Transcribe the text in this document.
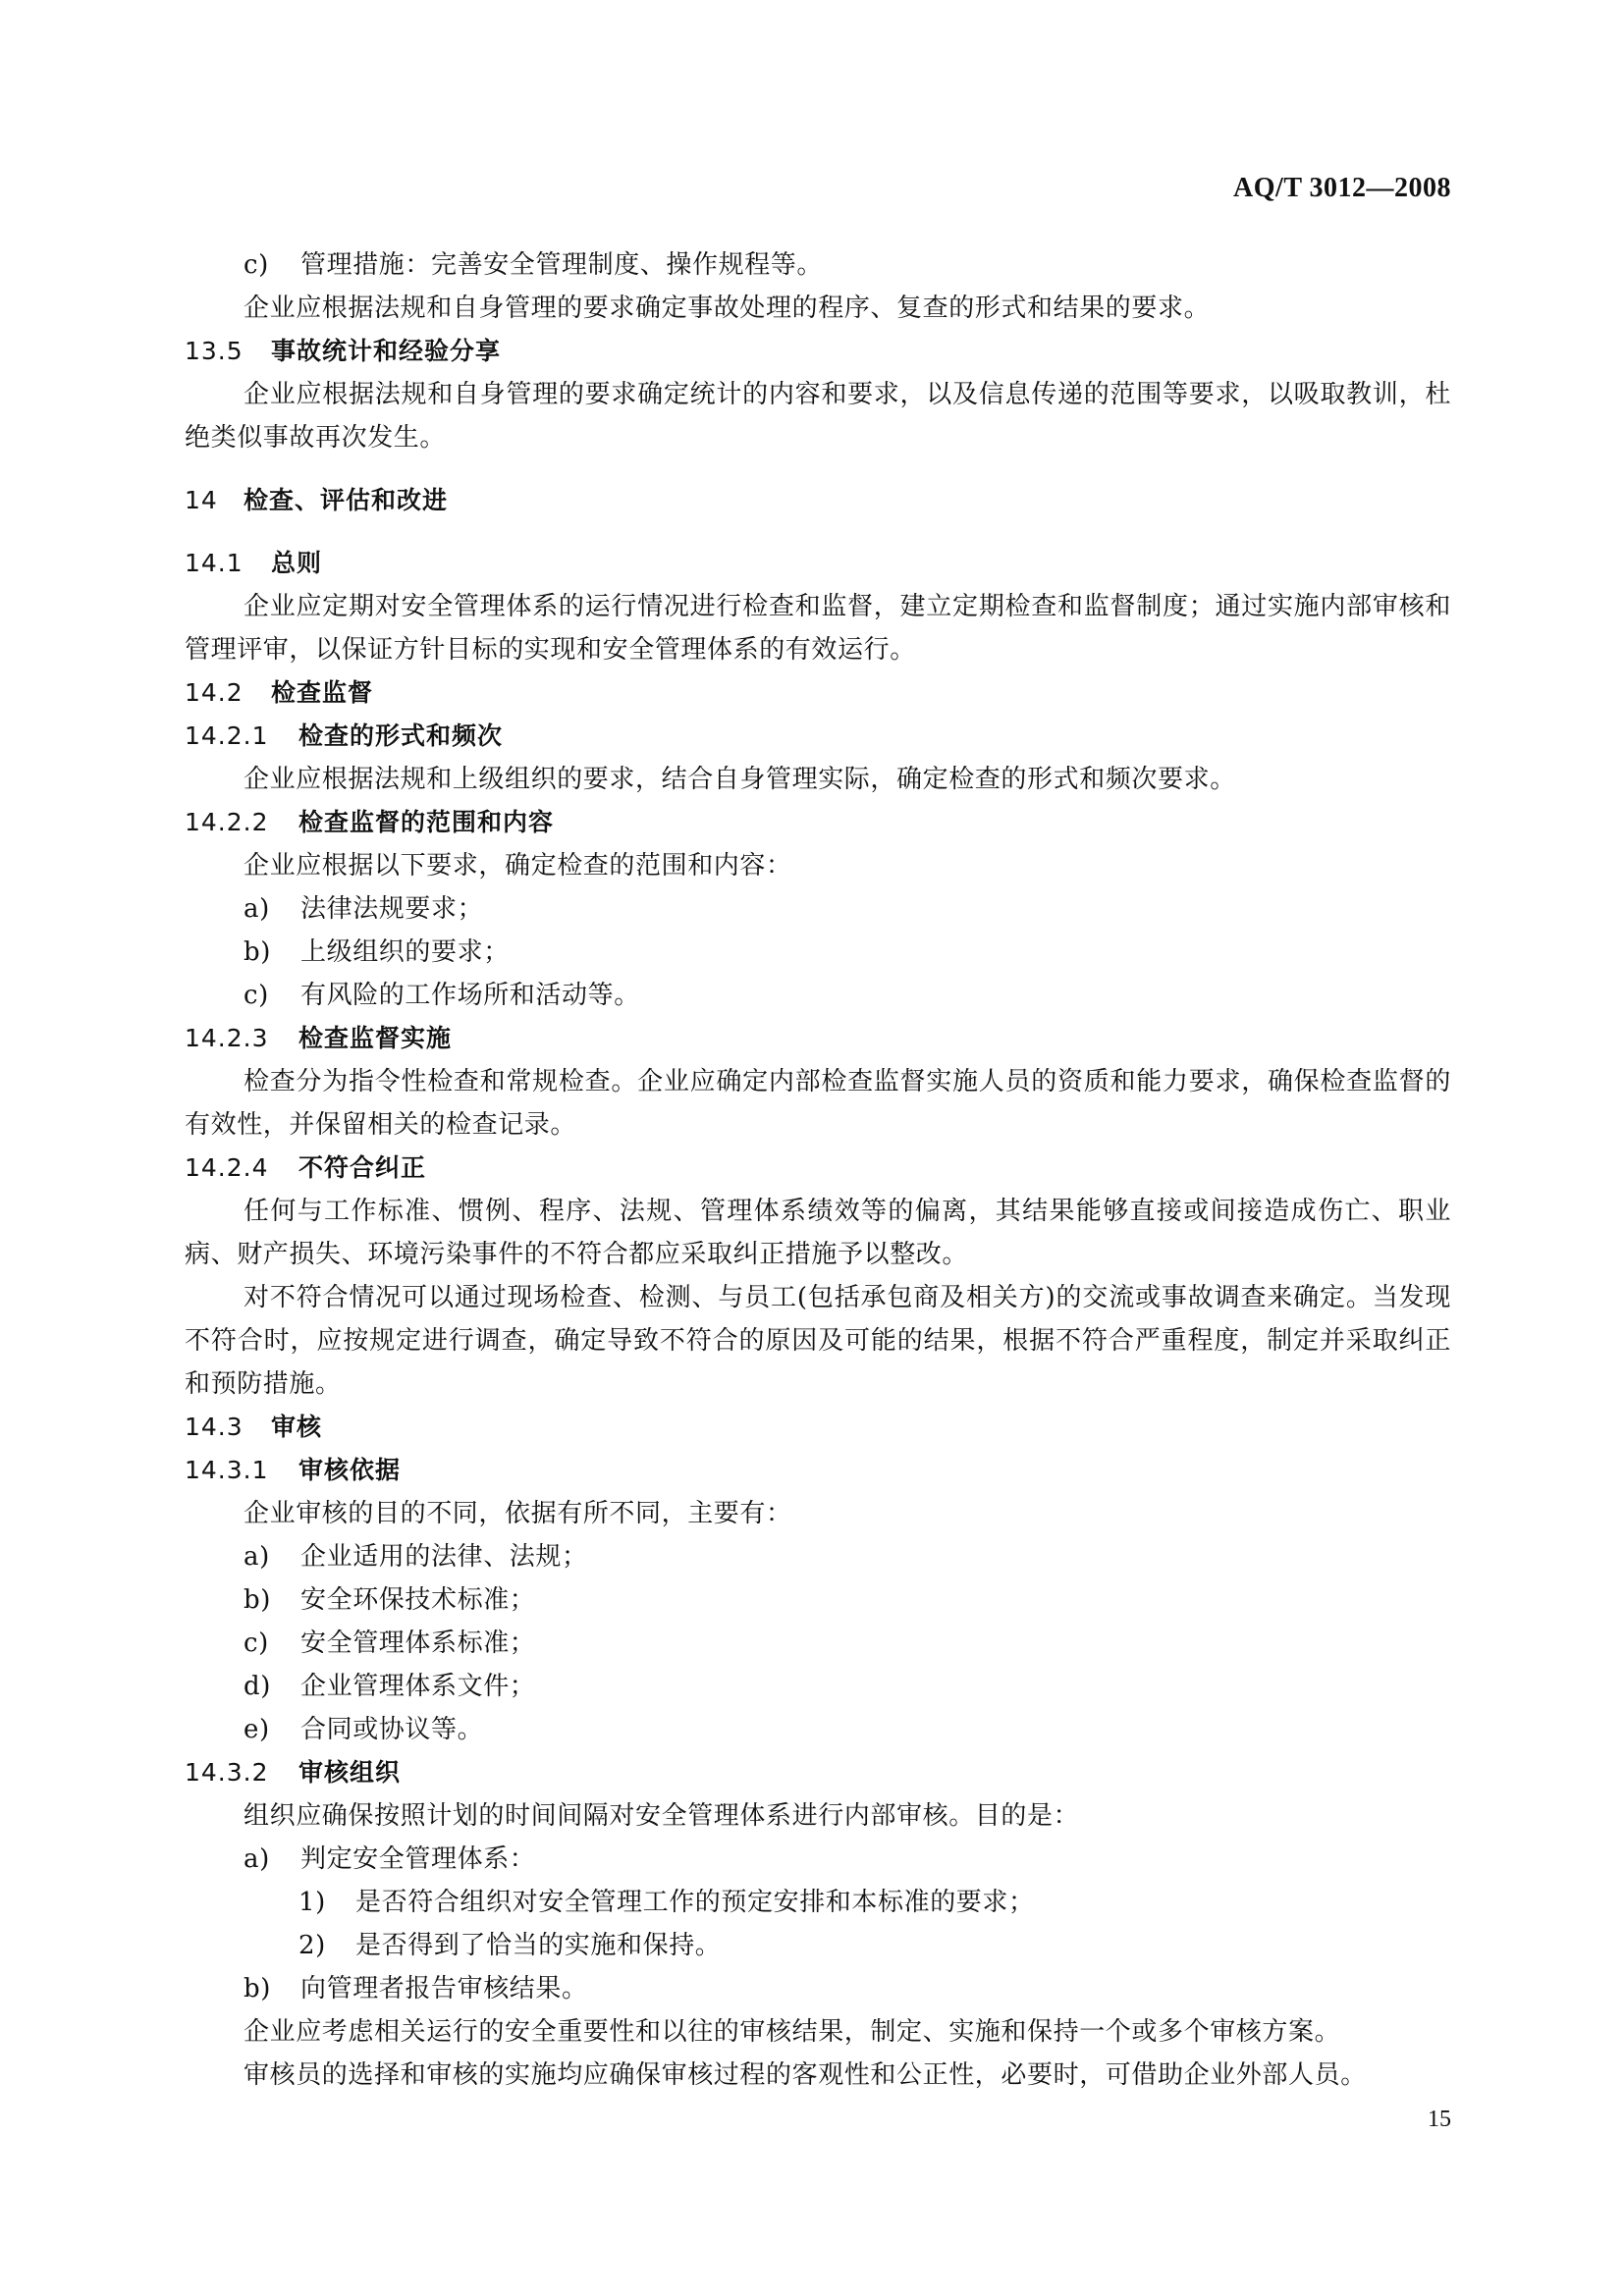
AQ/T 3012—2008
c) 管理措施：完善安全管理制度、操作规程等。
企业应根据法规和自身管理的要求确定事故处理的程序、复查的形式和结果的要求。
13.5 事故统计和经验分享
企业应根据法规和自身管理的要求确定统计的内容和要求，以及信息传递的范围等要求，以吸取教训，杜绝类似事故再次发生。
14 检查、评估和改进
14.1 总则
企业应定期对安全管理体系的运行情况进行检查和监督，建立定期检查和监督制度；通过实施内部审核和管理评审，以保证方针目标的实现和安全管理体系的有效运行。
14.2 检查监督
14.2.1 检查的形式和频次
企业应根据法规和上级组织的要求，结合自身管理实际，确定检查的形式和频次要求。
14.2.2 检查监督的范围和内容
企业应根据以下要求，确定检查的范围和内容：
a) 法律法规要求；
b) 上级组织的要求；
c) 有风险的工作场所和活动等。
14.2.3 检查监督实施
检查分为指令性检查和常规检查。企业应确定内部检查监督实施人员的资质和能力要求，确保检查监督的有效性，并保留相关的检查记录。
14.2.4 不符合纠正
任何与工作标准、惯例、程序、法规、管理体系绩效等的偏离，其结果能够直接或间接造成伤亡、职业病、财产损失、环境污染事件的不符合都应采取纠正措施予以整改。
对不符合情况可以通过现场检查、检测、与员工(包括承包商及相关方)的交流或事故调查来确定。当发现不符合时，应按规定进行调查，确定导致不符合的原因及可能的结果，根据不符合严重程度，制定并采取纠正和预防措施。
14.3 审核
14.3.1 审核依据
企业审核的目的不同，依据有所不同，主要有：
a) 企业适用的法律、法规；
b) 安全环保技术标准；
c) 安全管理体系标准；
d) 企业管理体系文件；
e) 合同或协议等。
14.3.2 审核组织
组织应确保按照计划的时间间隔对安全管理体系进行内部审核。目的是：
a) 判定安全管理体系：
1) 是否符合组织对安全管理工作的预定安排和本标准的要求；
2) 是否得到了恰当的实施和保持。
b) 向管理者报告审核结果。
企业应考虑相关运行的安全重要性和以往的审核结果，制定、实施和保持一个或多个审核方案。
审核员的选择和审核的实施均应确保审核过程的客观性和公正性，必要时，可借助企业外部人员。
15
